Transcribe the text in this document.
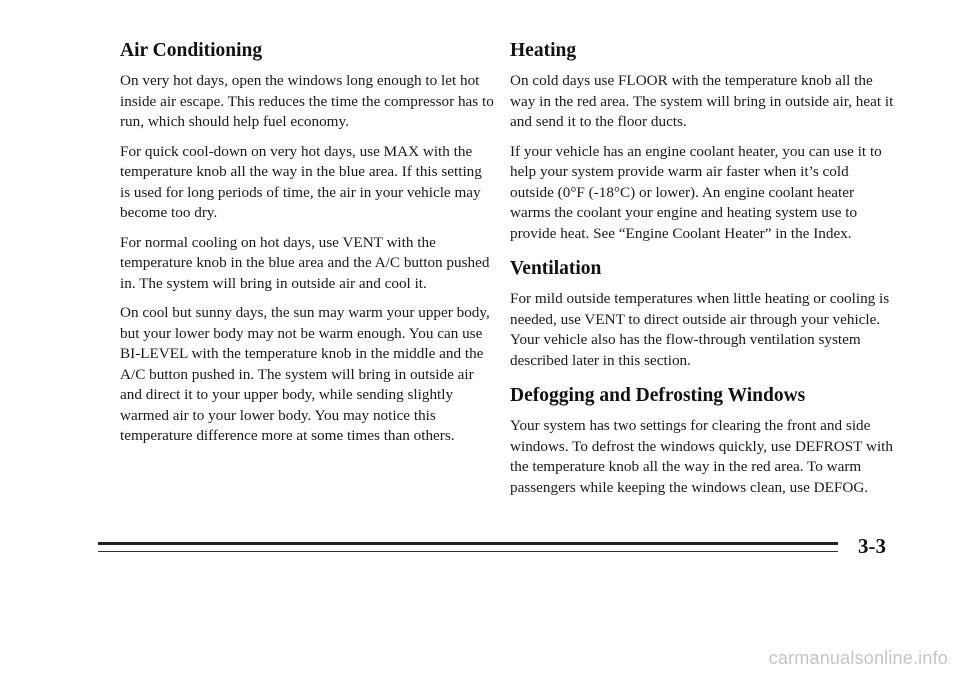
Air Conditioning

On very hot days, open the windows long enough to let hot inside air escape. This reduces the time the compressor has to run, which should help fuel economy.

For quick cool-down on very hot days, use MAX with the temperature knob all the way in the blue area. If this setting is used for long periods of time, the air in your vehicle may become too dry.

For normal cooling on hot days, use VENT with the temperature knob in the blue area and the A/C button pushed in. The system will bring in outside air and cool it.

On cool but sunny days, the sun may warm your upper body, but your lower body may not be warm enough. You can use BI-LEVEL with the temperature knob in the middle and the A/C button pushed in. The system will bring in outside air and direct it to your upper body, while sending slightly warmed air to your lower body. You may notice this temperature difference more at some times than others.

Heating

On cold days use FLOOR with the temperature knob all the way in the red area. The system will bring in outside air, heat it and send it to the floor ducts.

If your vehicle has an engine coolant heater, you can use it to help your system provide warm air faster when it’s cold outside (0°F (-18°C) or lower). An engine coolant heater warms the coolant your engine and heating system use to provide heat. See “Engine Coolant Heater” in the Index.

Ventilation

For mild outside temperatures when little heating or cooling is needed, use VENT to direct outside air through your vehicle. Your vehicle also has the flow-through ventilation system described later in this section.

Defogging and Defrosting Windows

Your system has two settings for clearing the front and side windows. To defrost the windows quickly, use DEFROST with the temperature knob all the way in the red area. To warm passengers while keeping the windows clean, use DEFOG.

3-3
carmanualsonline.info
